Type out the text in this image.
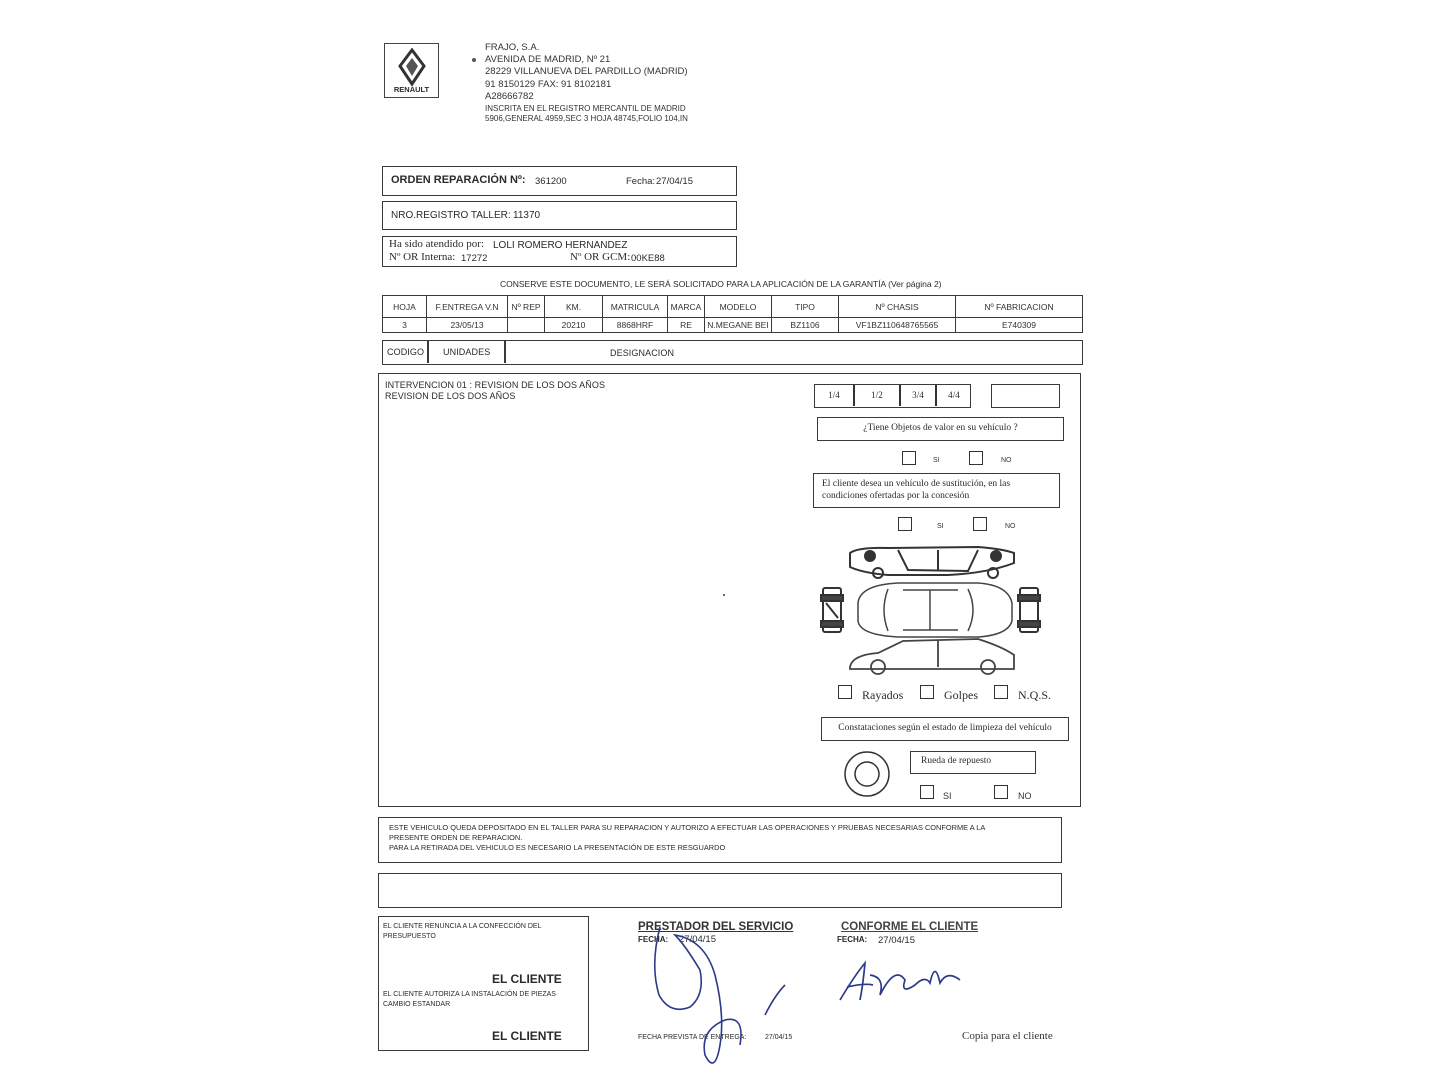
RENAULT
FRAJO, S.A.
AVENIDA DE MADRID, Nº 21
28229 VILLANUEVA DEL PARDILLO (MADRID)
91 8150129 FAX: 91 8102181
A28666782
INSCRITA EN EL REGISTRO MERCANTIL DE MADRID
5906,GENERAL 4959,SEC 3 HOJA 48745,FOLIO 104,IN
ORDEN REPARACIÓN Nº: 361200	Fecha: 27/04/15
NRO.REGISTRO TALLER: 11370
Ha sido atendido por: LOLI ROMERO HERNANDEZ
Nº OR Interna: 17272	Nº OR GCM: 00KE88
CONSERVE ESTE DOCUMENTO, LE SERÁ SOLICITADO PARA LA APLICACIÓN DE LA GARANTÍA (Ver página 2)
HOJA	F.ENTREGA V.N	Nº REP	KM.	MATRICULA	MARCA	MODELO	TIPO	Nº CHASIS	Nº FABRICACION
3	23/05/13		20210	8868HRF	RE	N.MEGANE BEI	BZ1106	VF1BZ110648765565	E740309
CODIGO UNIDADES	DESIGNACION
INTERVENCION 01 : REVISION DE LOS DOS AÑOS
REVISION DE LOS DOS AÑOS	1/4	1/2	3/4	4/4
¿Tiene Objetos de valor en su vehículo ?
SI	NO
El cliente desea un vehículo de sustitución, en las condiciones ofertadas por la concesión
SI	NO
Rayados	Golpes	N.Q.S.
Constataciones según el estado de limpieza del vehículo
Rueda de repuesto
SI	NO
ESTE VEHICULO QUEDA DEPOSITADO EN EL TALLER PARA SU REPARACION Y AUTORIZO A EFECTUAR LAS OPERACIONES Y PRUEBAS NECESARIAS CONFORME A LA
PRESENTE ORDEN DE REPARACION.
PARA LA RETIRADA DEL VEHICULO ES NECESARIO LA PRESENTACIÓN DE ESTE RESGUARDO
EL CLIENTE RENUNCIA A LA CONFECCIÓN DEL PRESUPUESTO
EL CLIENTE
EL CLIENTE AUTORIZA LA INSTALACIÓN DE PIEZAS CAMBIO ESTANDAR
EL CLIENTE
PRESTADOR DEL SERVICIO
FECHA: 27/04/15
FECHA PREVISTA DE ENTREGA:	27/04/15
CONFORME EL CLIENTE
FECHA: 27/04/15
Copia para el cliente
